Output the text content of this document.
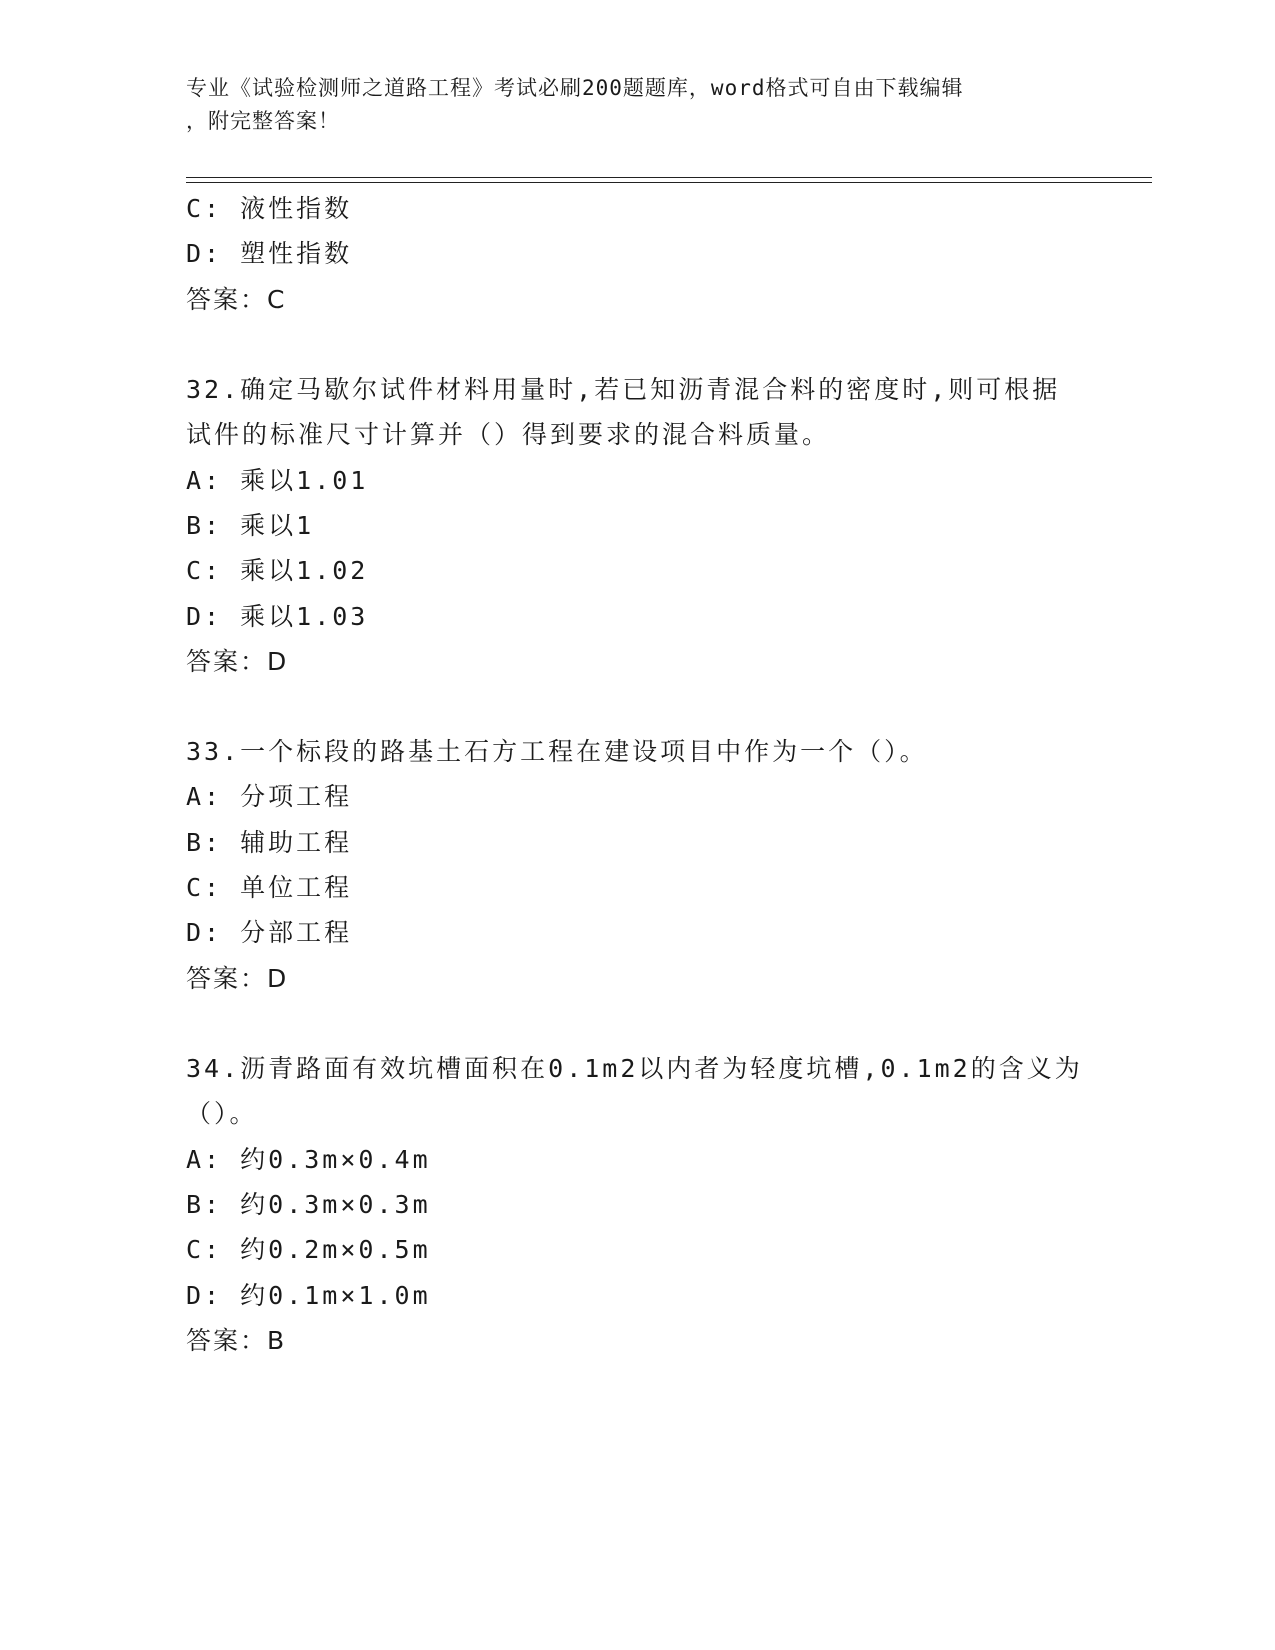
专业《试验检测师之道路工程》考试必刷200题题库，word格式可自由下载编辑
，附完整答案！
C: 液性指数
D: 塑性指数
答案：C
32.确定马歇尔试件材料用量时,若已知沥青混合料的密度时,则可根据
试件的标准尺寸计算并（）得到要求的混合料质量。
A: 乘以1.01
B: 乘以1
C: 乘以1.02
D: 乘以1.03
答案：D
33.一个标段的路基土石方工程在建设项目中作为一个（）。
A: 分项工程
B: 辅助工程
C: 单位工程
D: 分部工程
答案：D
34.沥青路面有效坑槽面积在0.1m2以内者为轻度坑槽,0.1m2的含义为
（）。
A: 约0.3m×0.4m
B: 约0.3m×0.3m
C: 约0.2m×0.5m
D: 约0.1m×1.0m
答案：B
